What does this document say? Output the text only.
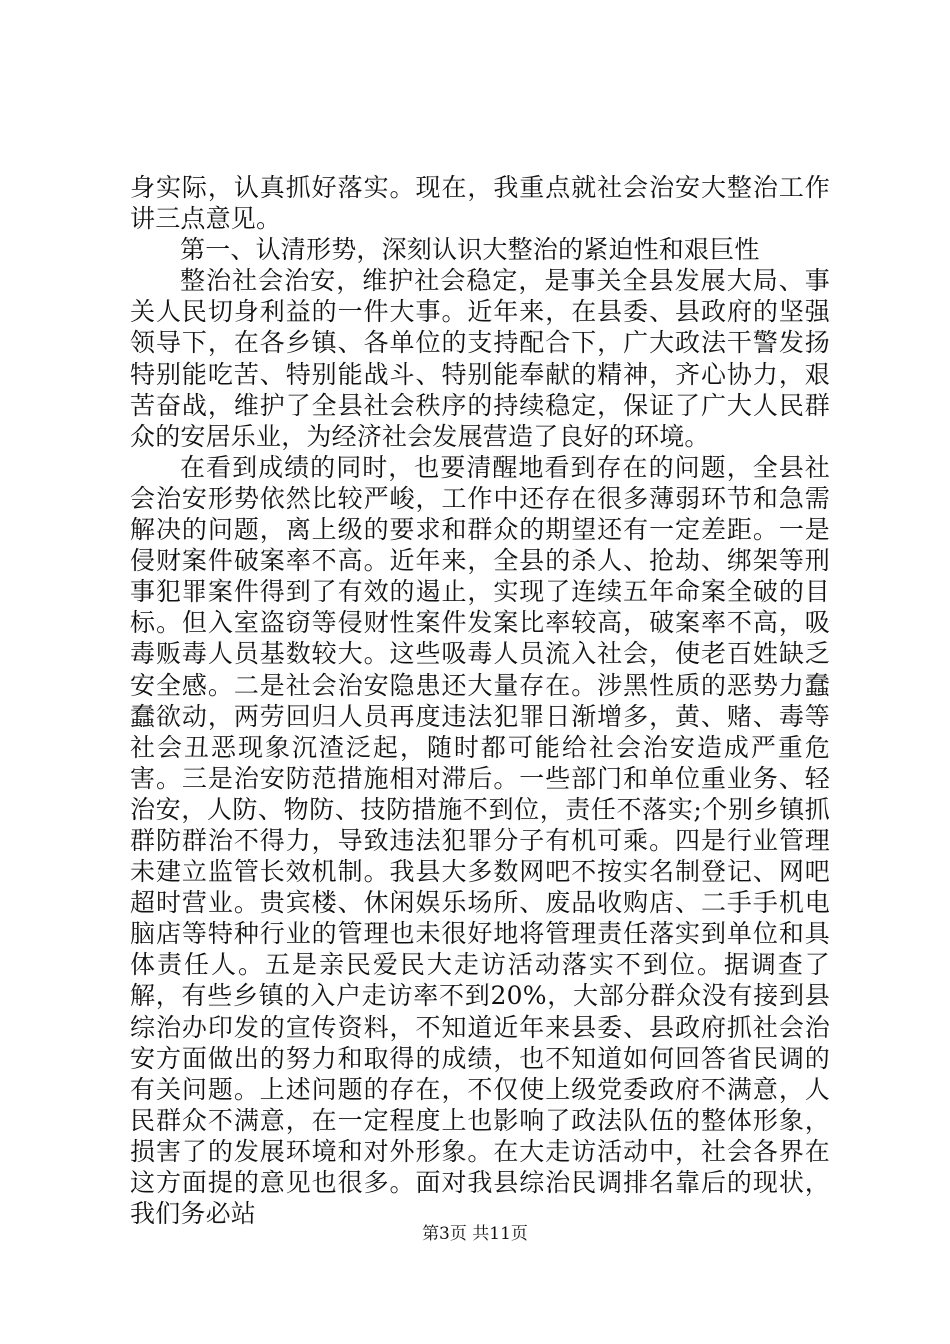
身实际，认真抓好落实。现在，我重点就社会治安大整治工作讲三点意见。

第一、认清形势，深刻认识大整治的紧迫性和艰巨性

整治社会治安，维护社会稳定，是事关全县发展大局、事关人民切身利益的一件大事。近年来，在县委、县政府的坚强领导下，在各乡镇、各单位的支持配合下，广大政法干警发扬特别能吃苦、特别能战斗、特别能奉献的精神，齐心协力，艰苦奋战，维护了全县社会秩序的持续稳定，保证了广大人民群众的安居乐业，为经济社会发展营造了良好的环境。

在看到成绩的同时，也要清醒地看到存在的问题，全县社会治安形势依然比较严峻，工作中还存在很多薄弱环节和急需解决的问题，离上级的要求和群众的期望还有一定差距。一是侵财案件破案率不高。近年来，全县的杀人、抢劫、绑架等刑事犯罪案件得到了有效的遏止，实现了连续五年命案全破的目标。但入室盗窃等侵财性案件发案比率较高，破案率不高，吸毒贩毒人员基数较大。这些吸毒人员流入社会，使老百姓缺乏安全感。二是社会治安隐患还大量存在。涉黑性质的恶势力蠢蠢欲动，两劳回归人员再度违法犯罪日渐增多，黄、赌、毒等社会丑恶现象沉渣泛起，随时都可能给社会治安造成严重危害。三是治安防范措施相对滞后。一些部门和单位重业务、轻治安，人防、物防、技防措施不到位，责任不落实;个别乡镇抓群防群治不得力，导致违法犯罪分子有机可乘。四是行业管理未建立监管长效机制。我县大多数网吧不按实名制登记、网吧超时营业。贵宾楼、休闲娱乐场所、废品收购店、二手手机电脑店等特种行业的管理也未很好地将管理责任落实到单位和具体责任人。五是亲民爱民大走访活动落实不到位。据调查了解，有些乡镇的入户走访率不到20%，大部分群众没有接到县综治办印发的宣传资料，不知道近年来县委、县政府抓社会治安方面做出的努力和取得的成绩，也不知道如何回答省民调的有关问题。上述问题的存在，不仅使上级党委政府不满意，人民群众不满意，在一定程度上也影响了政法队伍的整体形象，损害了的发展环境和对外形象。在大走访活动中，社会各界在这方面提的意见也很多。面对我县综治民调排名靠后的现状，我们务必站

第3页 共11页
